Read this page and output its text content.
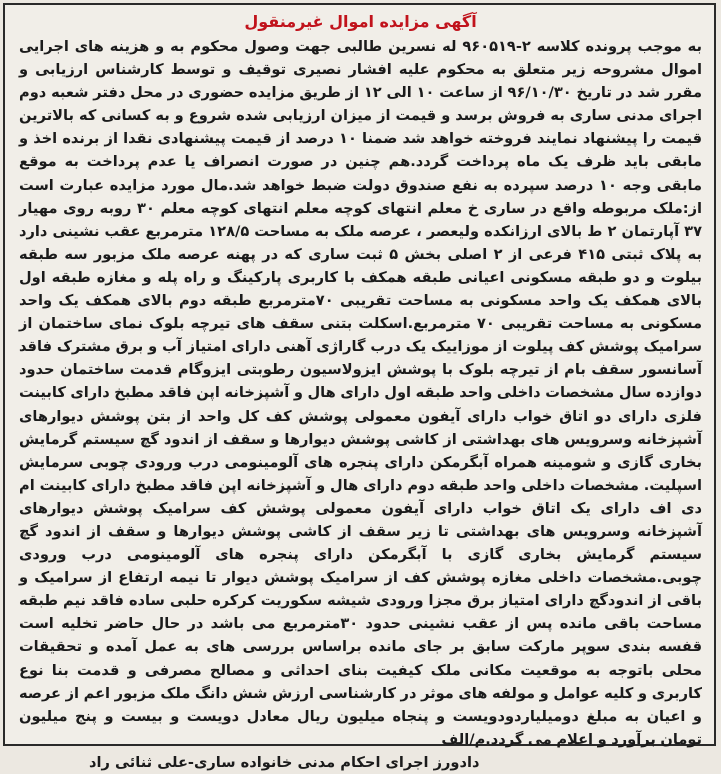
آگهی مزایده اموال غیرمنقول

به موجب پرونده کلاسه ۲-۹۶۰۵۱۹ له نسرین طالبی جهت وصول محکوم به و هزینه های اجرایی اموال مشروحه زیر متعلق به محکوم علیه افشار نصیری توقیف و توسط کارشناس ارزیابی و مقرر شد در تاریخ ۹۶/۱۰/۳۰ از ساعت ۱۰ الی ۱۲ از طریق مزایده حضوری در محل دفتر شعبه دوم اجرای مدنی ساری به فروش برسد و قیمت از میزان ارزیابی شده شروع و به کسانی که بالاترین قیمت را پیشنهاد نمایند فروخته خواهد شد ضمنا ۱۰ درصد از قیمت پیشنهادی نقدا از برنده اخذ و مابقی باید ظرف یک ماه پرداخت گردد.هم چنین در صورت انصراف یا عدم پرداخت به موقع مابقی وجه ۱۰ درصد سپرده به نفع صندوق دولت ضبط خواهد شد.مال مورد مزایده عبارت است از:ملک مربوطه واقع در ساری خ معلم انتهای کوچه معلم انتهای کوچه معلم ۳۰ روبه روی مهیار ۳۷ آپارتمان ۲ ط بالای ارزانکده ولیعصر ، عرصه ملک به مساحت ۱۲۸/۵ مترمربع عقب نشینی دارد به پلاک ثبتی ۴۱۵ فرعی از ۲ اصلی بخش ۵ ثبت ساری که در پهنه عرصه ملک مزبور سه طبقه بیلوت و دو طبقه مسکونی اعیانی طبقه همکف با کاربری پارکینگ و راه پله و مغازه طبقه اول بالای همکف یک واحد مسکونی به مساحت تقریبی ۷۰مترمربع طبقه دوم بالای همکف یک واحد مسکونی به مساحت تقریبی ۷۰ مترمربع.اسکلت بتنی سقف های تیرچه بلوک نمای ساختمان از سرامیک پوشش کف پیلوت از موزاییک یک درب گاراژی آهنی دارای امتیاز آب و برق مشترک فاقد آسانسور سقف بام از تیرچه بلوک با پوشش ایزولاسیون رطوبتی ایزوگام قدمت ساختمان حدود دوازده سال مشخصات داخلی واحد طبقه اول دارای هال و آشپزخانه اپن فاقد مطبخ دارای کابینت فلزی دارای دو اتاق خواب دارای آیفون معمولی پوشش کف کل واحد از بتن پوشش دیوارهای آشپزخانه وسرویس های بهداشتی از کاشی پوشش دیوارها و سقف از اندود گچ سیستم گرمایش بخاری گازی و شومینه همراه آبگرمکن دارای پنجره های آلومینومی درب ورودی چوبی سرمایش اسپلیت. مشخصات داخلی واحد طبقه دوم دارای هال و آشپزخانه اپن فاقد مطبخ دارای کابینت ام دی اف دارای یک اتاق خواب دارای آیفون معمولی پوشش کف سرامیک پوشش دیوارهای آشپزخانه وسرویس های بهداشتی تا زیر سقف از کاشی پوشش دیوارها و سقف از اندود گچ سیستم گرمایش بخاری گازی با آبگرمکن دارای پنجره های آلومینومی درب ورودی چوبی.مشخصات داخلی مغازه پوشش کف از سرامیک پوشش دیوار تا نیمه ارتفاع از سرامیک و باقی از اندودگچ دارای امتیاز برق مجزا ورودی شیشه سکوریت کرکره حلبی ساده فاقد نیم طبقه مساحت باقی مانده پس از عقب نشینی حدود ۳۰مترمربع می باشد در حال حاضر تخلیه است قفسه بندی سوپر مارکت سابق بر جای مانده براساس بررسی های به عمل آمده و تحقیقات محلی باتوجه به موقعیت مکانی ملک کیفیت بنای احداثی و مصالح مصرفی و قدمت بنا نوع کاربری و کلیه عوامل و مولفه های موثر در کارشناسی ارزش شش دانگ ملک مزبور اعم از عرصه و اعیان به مبلغ دومیلیاردودویست و پنجاه میلیون ریال معادل دویست و بیست و پنج میلیون تومان برآورد و اعلام می گردد.م/الف

دادورز اجرای احکام مدنی خانواده ساری-علی ثنائی راد
